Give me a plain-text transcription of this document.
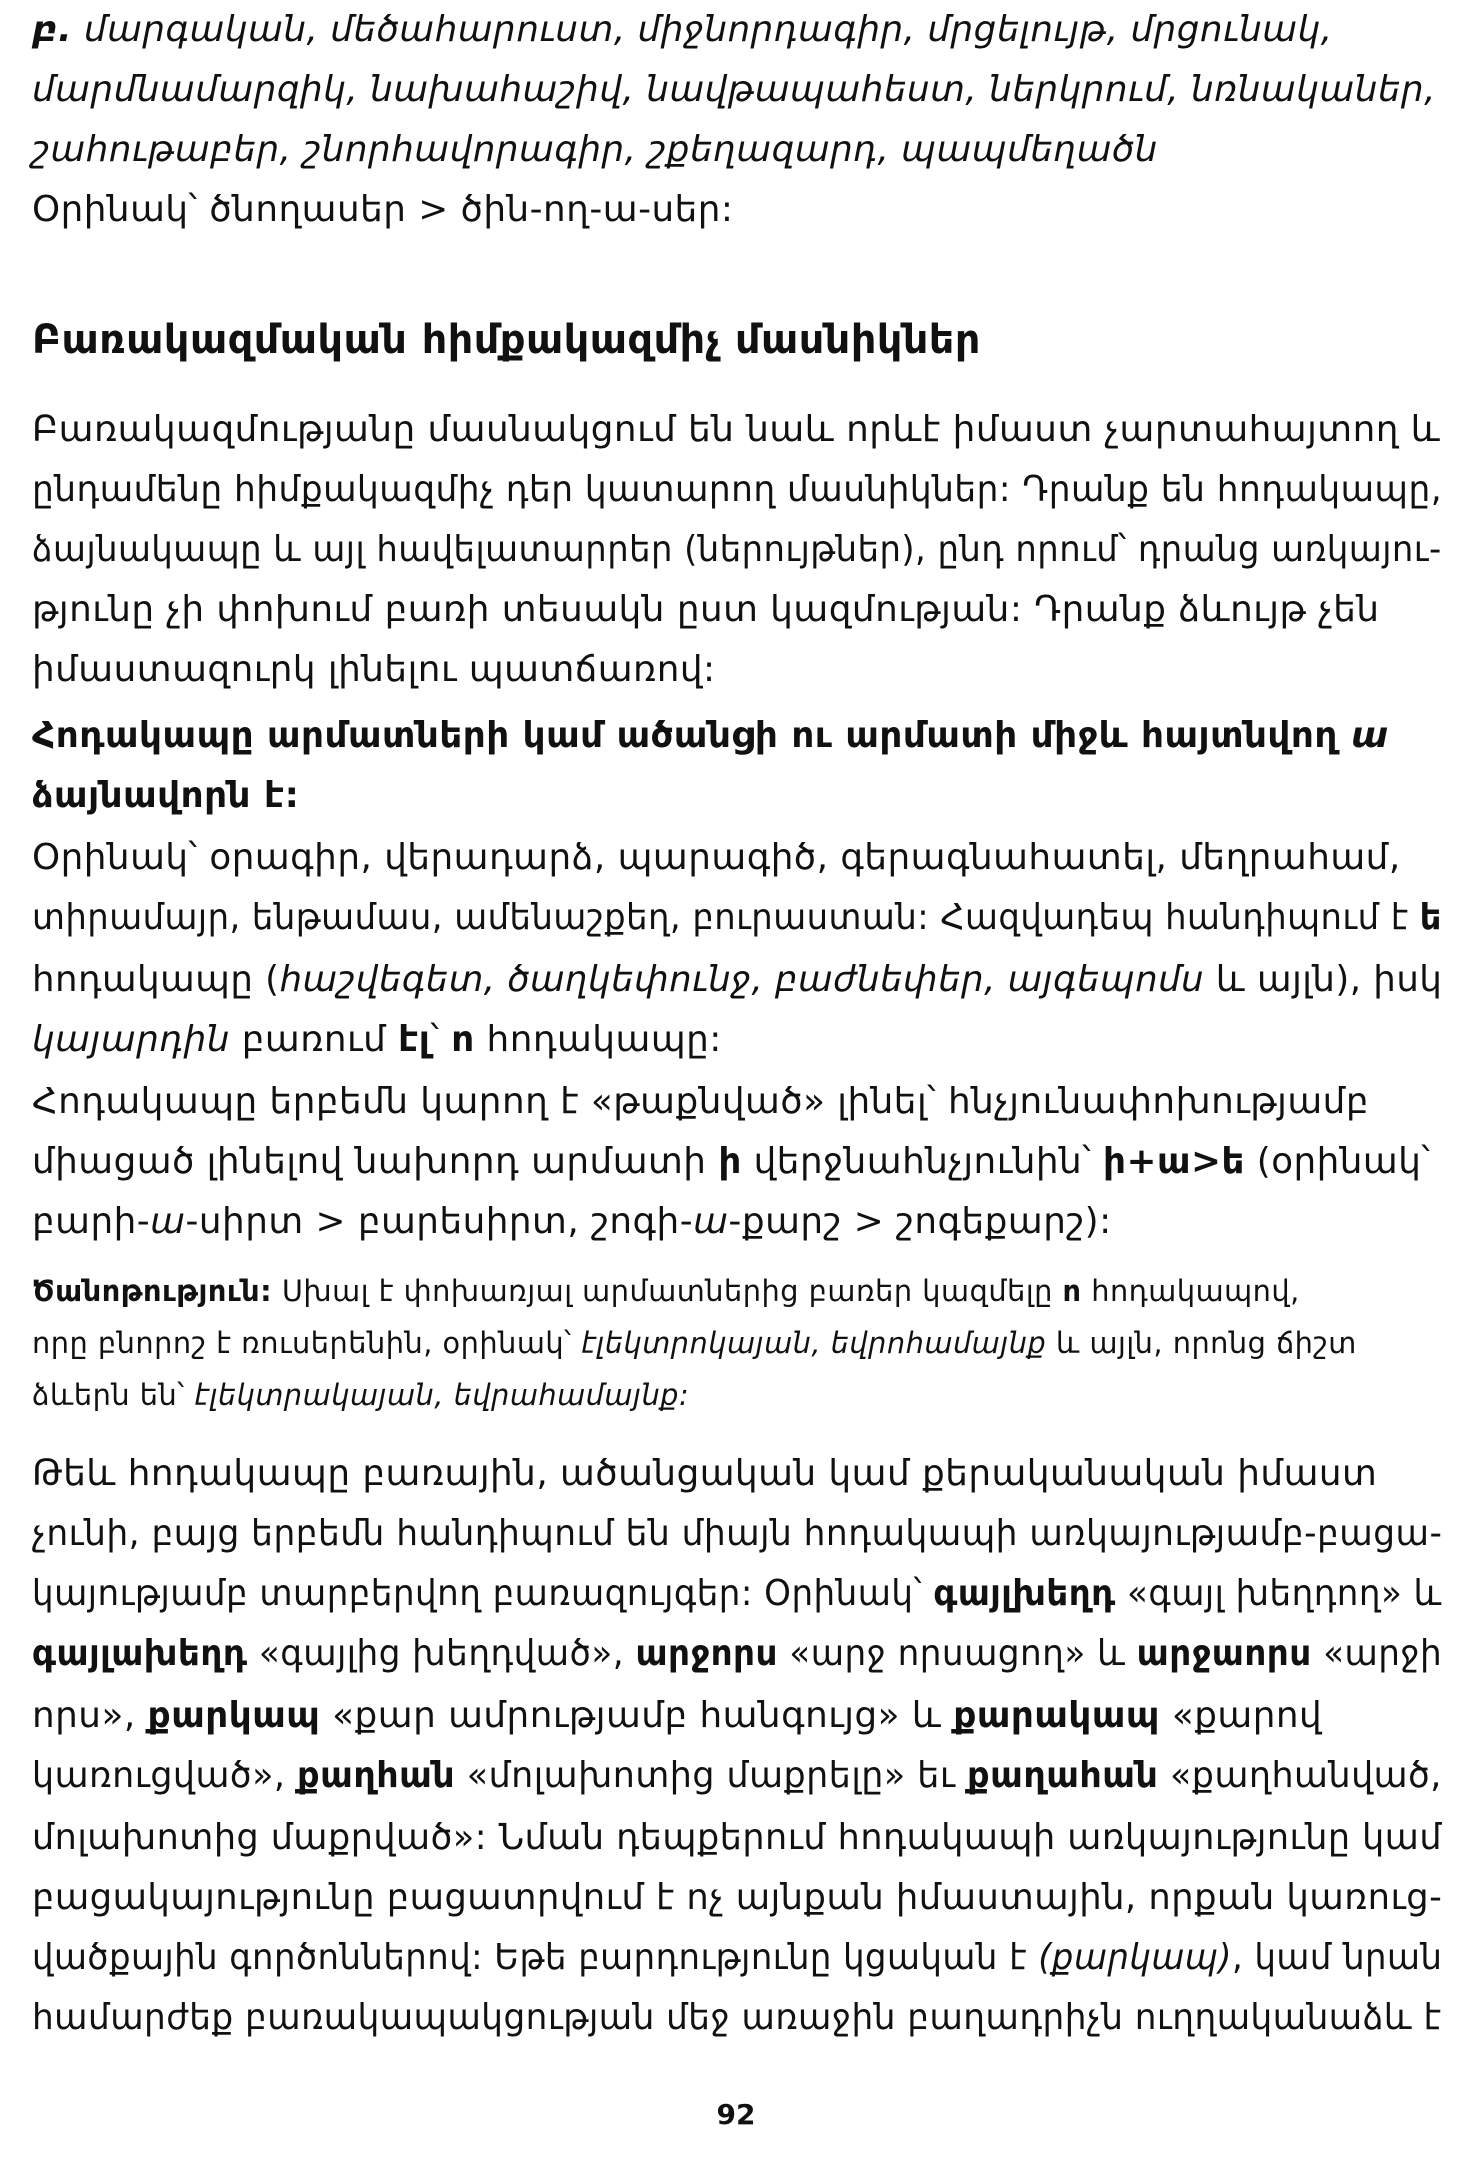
բ. մարգական, մեծահարուստ, միջնորդագիր, մրցելույթ, մրցունակ,
մարմնամարզիկ, նախահաշիվ, նավթապահեստ, ներկրում, նռնականեր,
շահութաբեր, շնորհավորագիր, շքեղազարդ, պապմեղածն
Օրինակ՝ ծնողասեր > ծին-ող-ա-սեր:
Բառակազմական հիմքակազմիչ մասնիկներ
Բառակազմությանը մասնակցում են նաև որևէ իմաստ չարտահայտող և
ընդամենը հիմքակազմիչ դեր կատարող մասնիկներ: Դրանք են հոդակապը,
ձայնակապը և այլ հավելատարրեր (ներույթներ), ընդ որում՝ դրանց առկայու-
թյունը չի փոխում բառի տեսակն ըստ կազմության: Դրանք ձևույթ չեն
իմաստազուրկ լինելու պատճառով:
Հոդակապը արմատների կամ ածանցի ու արմատի միջև հայտնվող ա
ձայնավորն է:
Օրինակ՝ օրագիր, վերադարձ, պարագիծ, գերագնահատել, մեղրահամ,
տիրամայր, ենթամաս, ամենաշքեղ, բուրաստան: Հազվադեպ հանդիպում է ե
հոդակապը (հաշվեգետ, ծաղկեփունջ, բաժնեփեր, այգեպոմս և այլն), իսկ
կայարդին բառում էլ՝ ո հոդակապը:
Հոդակապը երբեմն կարող է «թաքնված» լինել՝ հնչյունափոխությամբ
միացած լինելով նախորդ արմատի ի վերջնահնչյունին՝ ի+ա>ե (օրինակ՝
բարի-ա-սիրտ > բարեսիրտ, շոգի-ա-քարշ > շոգեքարշ):
Ծանոթություն: Սխալ է փոխառյալ արմատներից բառեր կազմելը ո հոդակապով,
որը բնորոշ է ռուսերենին, օրինակ՝ էլեկտրոկայան, եվրոհամայնք և այլն, որոնց ճիշտ
ձևերն են՝ էլեկտրակայան, եվրահամայնք:
Թեև հոդակապը բառային, ածանցական կամ քերականական իմաստ
չունի, բայց երբեմն հանդիպում են միայն հոդակապի առկայությամբ-բացա-
կայությամբ տարբերվող բառազույգեր: Օրինակ՝ գայլխեղդ «գայլ խեղդող» և
գայլախեղդ «գայլից խեղդված», արջորս «արջ որսացող» և արջաորս «արջի
որս», քարկապ «քար ամրությամբ հանգույց» և քարակապ «քարով
կառուցված», քաղհան «մոլախոտից մաքրելը» եւ քաղահան «քաղհանված,
մոլախոտից մաքրված»: Նման դեպքերում հոդակապի առկայությունը կամ
բացակայությունը բացատրվում է ոչ այնքան իմաստային, որքան կառուց-
վածքային գործոններով: Եթե բարդությունը կցական է (քարկապ), կամ նրան
համարժեք բառակապակցության մեջ առաջին բաղադրիչն ուղղականաձև է
92
